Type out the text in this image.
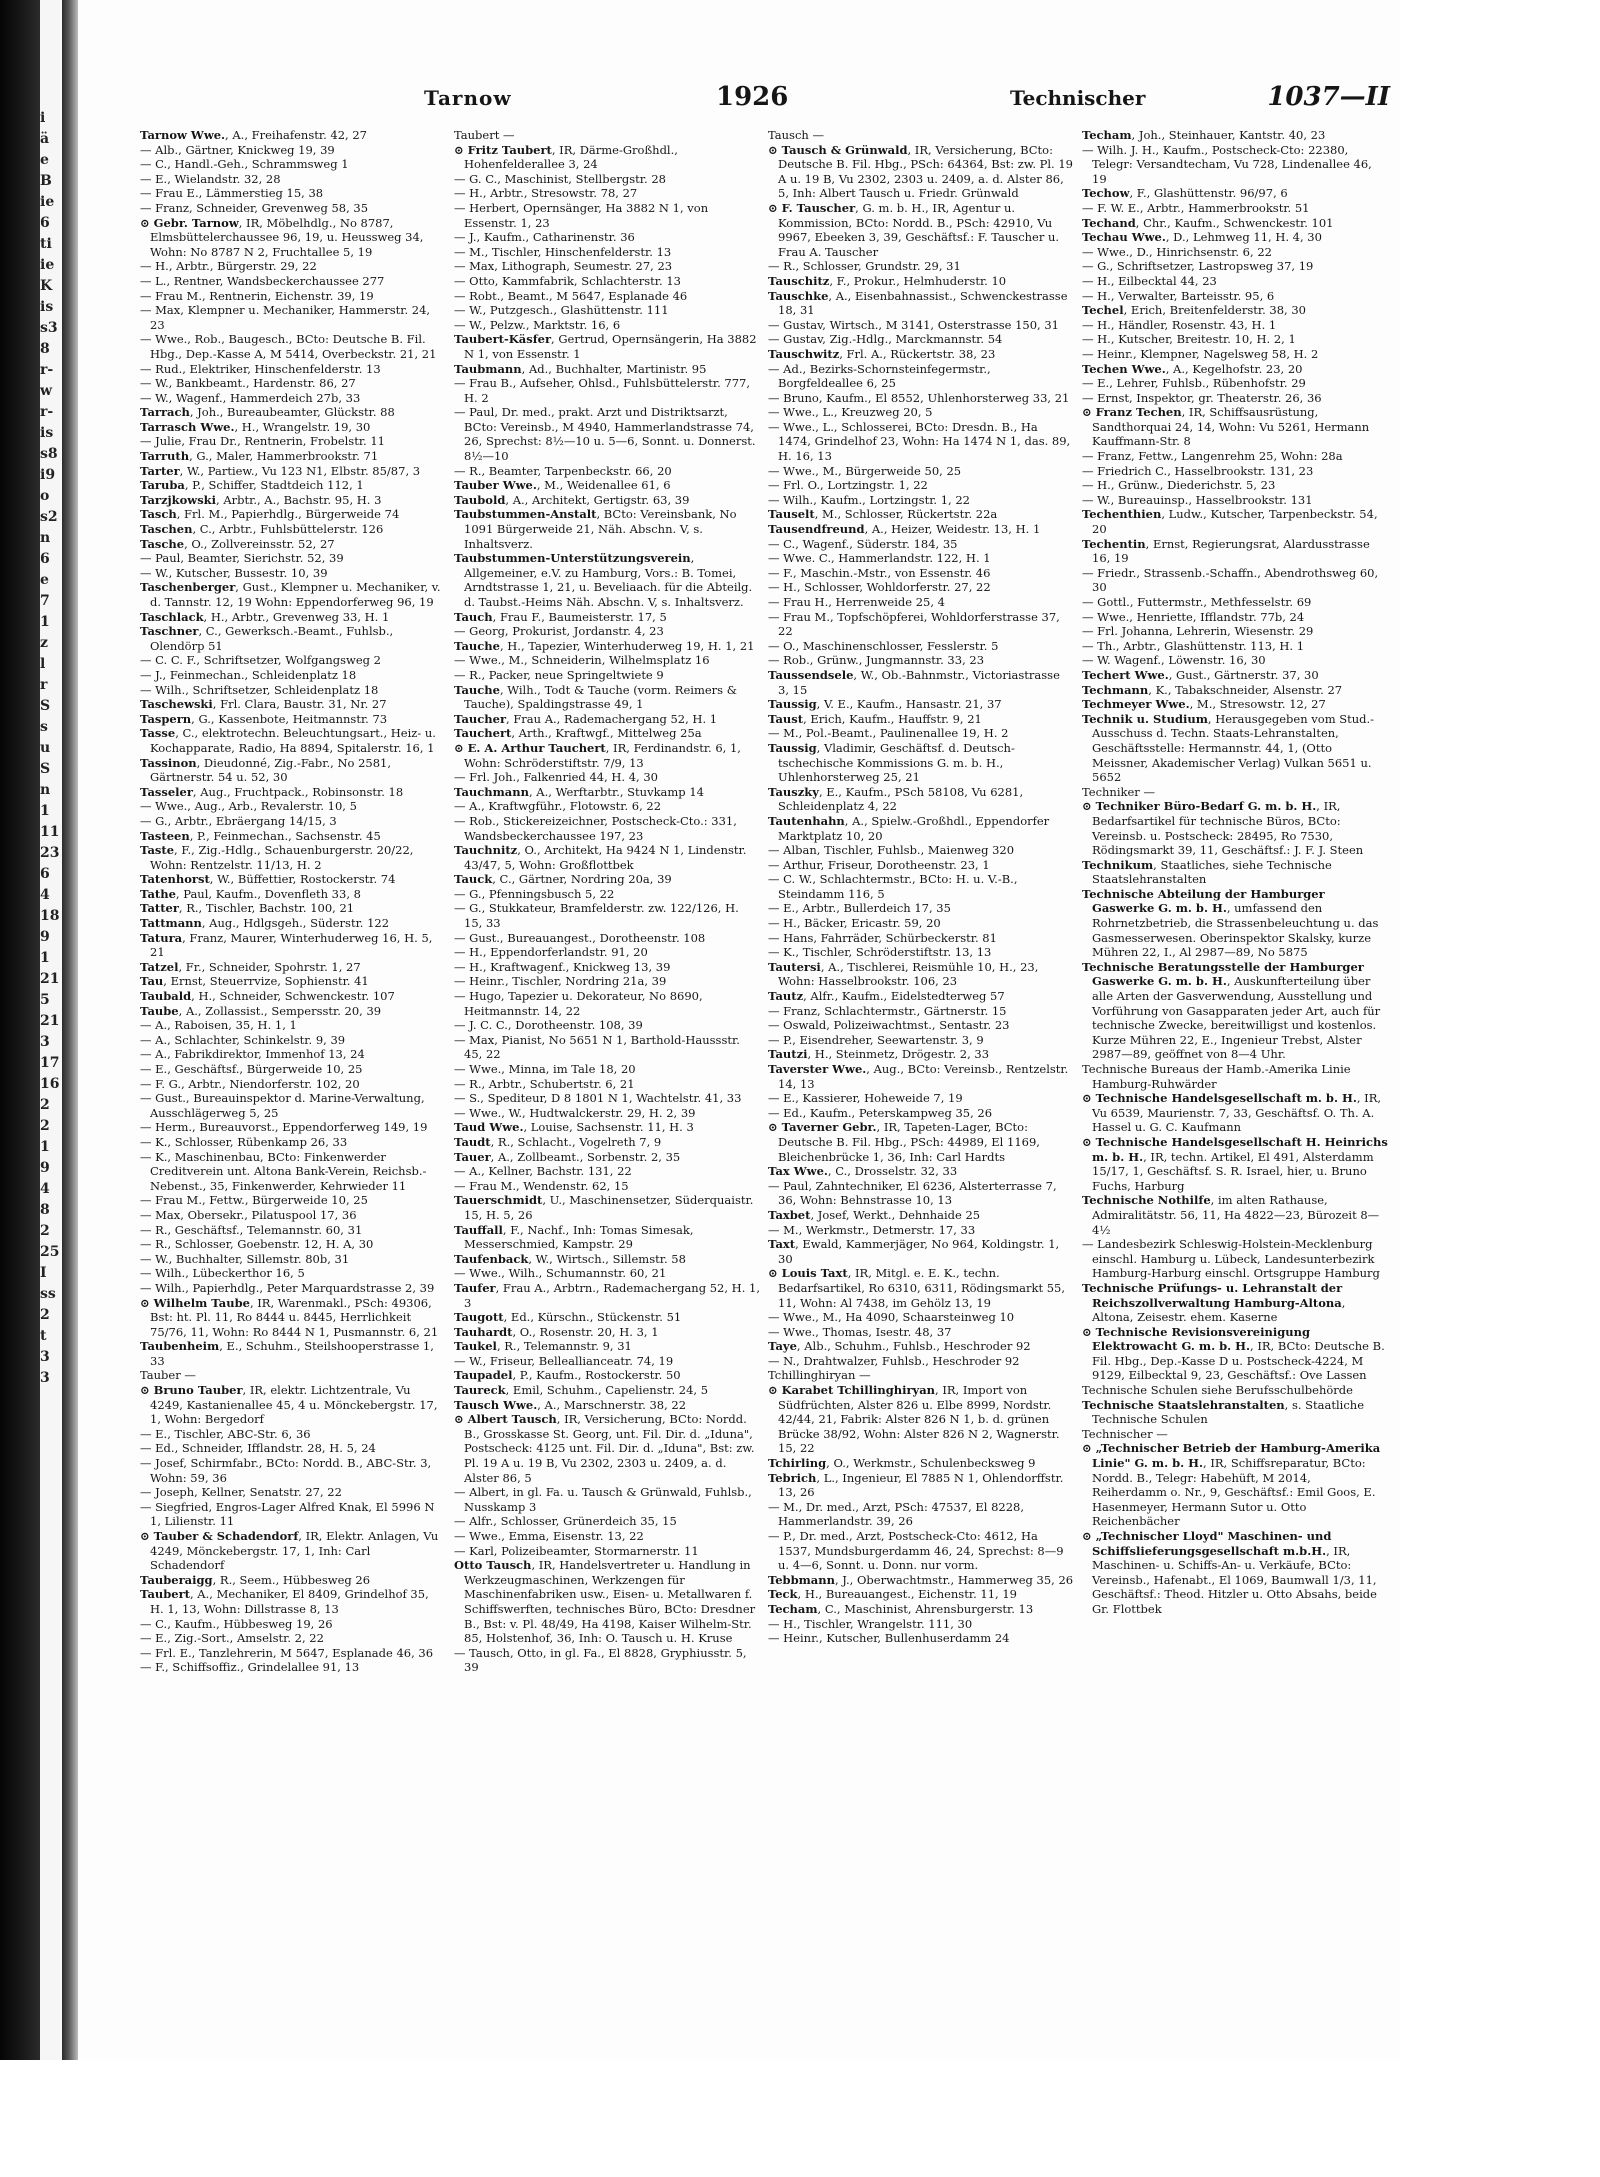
i
ä
e
B
ie
6
ti
ie
K
is
s3
8
r-
w
r-
is
s8
i9
o
s2
n
6
e
7
1
z
l
r
S
s
u
S
n
1
11
23
6
4
18
9
1
21
5
21
3
17
16
2
2
1
9
4
8
2
25
I
ss
2
t
3
3
Tarnow	1926	Technischer	1037—II

Tarnow Wwe., A., Freihafenstr. 42, 27

— Alb., Gärtner, Knickweg 19, 39

— C., Handl.-Geh., Schrammsweg 1

— E., Wielandstr. 32, 28

— Frau E., Lämmerstieg 15, 38

— Franz, Schneider, Grevenweg 58, 35

⊙ Gebr. Tarnow, IR, Möbelhdlg., No 8787, Elmsbüttelerchaussee 96, 19, u. Heussweg 34, Wohn: No 8787 N 2, Fruchtallee 5, 19

— H., Arbtr., Bürgerstr. 29, 22

— L., Rentner, Wandsbeckerchaussee 277

— Frau M., Rentnerin, Eichenstr. 39, 19

— Max, Klempner u. Mechaniker, Hammerstr. 24, 23

— Wwe., Rob., Baugesch., BCto: Deutsche B. Fil. Hbg., Dep.-Kasse A, M 5414, Overbeckstr. 21, 21

— Rud., Elektriker, Hinschenfelderstr. 13

— W., Bankbeamt., Hardenstr. 86, 27

— W., Wagenf., Hammerdeich 27b, 33

Tarrach, Joh., Bureaubeamter, Glückstr. 88

Tarrasch Wwe., H., Wrangelstr. 19, 30

— Julie, Frau Dr., Rentnerin, Frobelstr. 11

Tarruth, G., Maler, Hammerbrookstr. 71

Tarter, W., Partiew., Vu 123 N1, Elbstr. 85/87, 3

Taruba, P., Schiffer, Stadtdeich 112, 1

Tarzjkowski, Arbtr., A., Bachstr. 95, H. 3

Tasch, Frl. M., Papierhdlg., Bürgerweide 74

Taschen, C., Arbtr., Fuhlsbüttelerstr. 126

Tasche, O., Zollvereinsstr. 52, 27

— Paul, Beamter, Sierichstr. 52, 39

— W., Kutscher, Bussestr. 10, 39

Taschenberger, Gust., Klempner u. Mechaniker, v. d. Tannstr. 12, 19 Wohn: Eppendorferweg 96, 19

Taschlack, H., Arbtr., Grevenweg 33, H. 1

Taschner, C., Gewerksch.-Beamt., Fuhlsb., Olendörp 51

— C. C. F., Schriftsetzer, Wolfgangsweg 2

— J., Feinmechan., Schleidenplatz 18

— Wilh., Schriftsetzer, Schleidenplatz 18

Taschewski, Frl. Clara, Baustr. 31, Nr. 27

Taspern, G., Kassenbote, Heitmannstr. 73

Tasse, C., elektrotechn. Beleuchtungsart., Heiz- u. Kochapparate, Radio, Ha 8894, Spitalerstr. 16, 1

Tassinon, Dieudonné, Zig.-Fabr., No 2581, Gärtnerstr. 54 u. 52, 30

Tasseler, Aug., Fruchtpack., Robinsonstr. 18

— Wwe., Aug., Arb., Revalerstr. 10, 5

— G., Arbtr., Ebräergang 14/15, 3

Tasteen, P., Feinmechan., Sachsenstr. 45

Taste, F., Zig.-Hdlg., Schauenburgerstr. 20/22, Wohn: Rentzelstr. 11/13, H. 2

Tatenhorst, W., Büffettier, Rostockerstr. 74

Tathe, Paul, Kaufm., Dovenfleth 33, 8

Tatter, R., Tischler, Bachstr. 100, 21

Tattmann, Aug., Hdlgsgeh., Süderstr. 122

Tatura, Franz, Maurer, Winterhuderweg 16, H. 5, 21

Tatzel, Fr., Schneider, Spohrstr. 1, 27

Tau, Ernst, Steuerrvize, Sophienstr. 41

Taubald, H., Schneider, Schwenckestr. 107

Taube, A., Zollassist., Sempersstr. 20, 39

— A., Raboisen, 35, H. 1, 1

— A., Schlachter, Schinkelstr. 9, 39

— A., Fabrikdirektor, Immenhof 13, 24

— E., Geschäftsf., Bürgerweide 10, 25

— F. G., Arbtr., Niendorferstr. 102, 20

— Gust., Bureauinspektor d. Marine-Verwaltung, Ausschlägerweg 5, 25

— Herm., Bureauvorst., Eppendorferweg 149, 19

— K., Schlosser, Rübenkamp 26, 33

— K., Maschinenbau, BCto: Finkenwerder Creditverein unt. Altona Bank-Verein, Reichsb.-Nebenst., 35, Finkenwerder, Kehrwieder 11

— Frau M., Fettw., Bürgerweide 10, 25

— Max, Obersekr., Pilatuspool 17, 36

— R., Geschäftsf., Telemannstr. 60, 31

— R., Schlosser, Goebenstr. 12, H. A, 30

— W., Buchhalter, Sillemstr. 80b, 31

— Wilh., Lübeckerthor 16, 5

— Wilh., Papierhdlg., Peter Marquardstrasse 2, 39

⊙ Wilhelm Taube, IR, Warenmakl., PSch: 49306, Bst: ht. Pl. 11, Ro 8444 u. 8445, Herrlichkeit 75/76, 11, Wohn: Ro 8444 N 1, Pusmannstr. 6, 21

Taubenheim, E., Schuhm., Steilshooperstrasse 1, 33

Tauber —

⊙ Bruno Tauber, IR, elektr. Lichtzentrale, Vu 4249, Kastanienallee 45, 4 u. Mönckebergstr. 17, 1, Wohn: Bergedorf

— E., Tischler, ABC-Str. 6, 36

— Ed., Schneider, Ifflandstr. 28, H. 5, 24

— Josef, Schirmfabr., BCto: Nordd. B., ABC-Str. 3, Wohn: 59, 36

— Joseph, Kellner, Senatstr. 27, 22

— Siegfried, Engros-Lager Alfred Knak, El 5996 N 1, Lilienstr. 11

⊙ Tauber & Schadendorf, IR, Elektr. Anlagen, Vu 4249, Mönckebergstr. 17, 1, Inh: Carl Schadendorf

Tauberaigg, R., Seem., Hübbesweg 26

Taubert, A., Mechaniker, El 8409, Grindelhof 35, H. 1, 13, Wohn: Dillstrasse 8, 13

— C., Kaufm., Hübbesweg 19, 26

— E., Zig.-Sort., Amselstr. 2, 22

— Frl. E., Tanzlehrerin, M 5647, Esplanade 46, 36

— F., Schiffsoffiz., Grindelallee 91, 13

Taubert —

⊙ Fritz Taubert, IR, Därme-Großhdl., Hohenfelderallee 3, 24

— G. C., Maschinist, Stellbergstr. 28

— H., Arbtr., Stresowstr. 78, 27

— Herbert, Opernsänger, Ha 3882 N 1, von Essenstr. 1, 23

— J., Kaufm., Catharinenstr. 36

— M., Tischler, Hinschenfelderstr. 13

— Max, Lithograph, Seumestr. 27, 23

— Otto, Kammfabrik, Schlachterstr. 13

— Robt., Beamt., M 5647, Esplanade 46

— W., Putzgesch., Glashüttenstr. 111

— W., Pelzw., Marktstr. 16, 6

Taubert-Käsfer, Gertrud, Opernsängerin, Ha 3882 N 1, von Essenstr. 1

Taubmann, Ad., Buchhalter, Martinistr. 95

— Frau B., Aufseher, Ohlsd., Fuhlsbüttelerstr. 777, H. 2

— Paul, Dr. med., prakt. Arzt und Distriktsarzt, BCto: Vereinsb., M 4940, Hammerlandstrasse 74, 26, Sprechst: 8½—10 u. 5—6, Sonnt. u. Donnerst. 8½—10

— R., Beamter, Tarpenbeckstr. 66, 20

Tauber Wwe., M., Weidenallee 61, 6

Taubold, A., Architekt, Gertigstr. 63, 39

Taubstummen-Anstalt, BCto: Vereinsbank, No 1091 Bürgerweide 21, Näh. Abschn. V, s. Inhaltsverz.

Taubstummen-Unterstützungsverein, Allgemeiner, e.V. zu Hamburg, Vors.: B. Tomei, Arndtstrasse 1, 21, u. Beveliaach. für die Abteilg. d. Taubst.-Heims Näh. Abschn. V, s. Inhaltsverz.

Tauch, Frau F., Baumeisterstr. 17, 5

— Georg, Prokurist, Jordanstr. 4, 23

Tauche, H., Tapezier, Winterhuderweg 19, H. 1, 21

— Wwe., M., Schneiderin, Wilhelmsplatz 16

— R., Packer, neue Springeltwiete 9

Tauche, Wilh., Todt & Tauche (vorm. Reimers & Tauche), Spaldingstrasse 49, 1

Taucher, Frau A., Rademachergang 52, H. 1

Tauchert, Arth., Kraftwgf., Mittelweg 25a

⊙ E. A. Arthur Tauchert, IR, Ferdinandstr. 6, 1, Wohn: Schröderstiftstr. 7/9, 13

— Frl. Joh., Falkenried 44, H. 4, 30

Tauchmann, A., Werftarbtr., Stuvkamp 14

— A., Kraftwgführ., Flotowstr. 6, 22

— Rob., Stickereizeichner, Postscheck-Cto.: 331, Wandsbeckerchaussee 197, 23

Tauchnitz, O., Architekt, Ha 9424 N 1, Lindenstr. 43/47, 5, Wohn: Großflottbek

Tauck, C., Gärtner, Nordring 20a, 39

— G., Pfenningsbusch 5, 22

— G., Stukkateur, Bramfelderstr. zw. 122/126, H. 15, 33

— Gust., Bureauangest., Dorotheenstr. 108

— H., Eppendorferlandstr. 91, 20

— H., Kraftwagenf., Knickweg 13, 39

— Heinr., Tischler, Nordring 21a, 39

— Hugo, Tapezier u. Dekorateur, No 8690, Heitmannstr. 14, 22

— J. C. C., Dorotheenstr. 108, 39

— Max, Pianist, No 5651 N 1, Barthold-Haussstr. 45, 22

— Wwe., Minna, im Tale 18, 20

— R., Arbtr., Schubertstr. 6, 21

— S., Spediteur, D 8 1801 N 1, Wachtelstr. 41, 33

— Wwe., W., Hudtwalckerstr. 29, H. 2, 39

Taud Wwe., Louise, Sachsenstr. 11, H. 3

Taudt, R., Schlacht., Vogelreth 7, 9

Tauer, A., Zollbeamt., Sorbenstr. 2, 35

— A., Kellner, Bachstr. 131, 22

— Frau M., Wendenstr. 62, 15

Tauerschmidt, U., Maschinensetzer, Süderquaistr. 15, H. 5, 26

Tauffall, F., Nachf., Inh: Tomas Simesak, Messerschmied, Kampstr. 29

Taufenback, W., Wirtsch., Sillemstr. 58

— Wwe., Wilh., Schumannstr. 60, 21

Taufer, Frau A., Arbtrn., Rademachergang 52, H. 1, 3

Taugott, Ed., Kürschn., Stückenstr. 51

Tauhardt, O., Rosenstr. 20, H. 3, 1

Taukel, R., Telemannstr. 9, 31

— W., Friseur, Belleallianceatr. 74, 19

Taupadel, P., Kaufm., Rostockerstr. 50

Taureck, Emil, Schuhm., Capelienstr. 24, 5

Tausch Wwe., A., Marschnerstr. 38, 22

⊙ Albert Tausch, IR, Versicherung, BCto: Nordd. B., Grosskasse St. Georg, unt. Fil. Dir. d. „Iduna", Postscheck: 4125 unt. Fil. Dir. d. „Iduna", Bst: zw. Pl. 19 A u. 19 B, Vu 2302, 2303 u. 2409, a. d. Alster 86, 5

— Albert, in gl. Fa. u. Tausch & Grünwald, Fuhlsb., Nusskamp 3

— Alfr., Schlosser, Grünerdeich 35, 15

— Wwe., Emma, Eisenstr. 13, 22

— Karl, Polizeibeamter, Stormarnerstr. 11

Otto Tausch, IR, Handelsvertreter u. Handlung in Werkzeugmaschinen, Werkzengen für Maschinenfabriken usw., Eisen- u. Metallwaren f. Schiffswerften, technisches Büro, BCto: Dresdner B., Bst: v. Pl. 48/49, Ha 4198, Kaiser Wilhelm-Str. 85, Holstenhof, 36, Inh: O. Tausch u. H. Kruse

— Tausch, Otto, in gl. Fa., El 8828, Gryphiusstr. 5, 39

Tausch —

⊙ Tausch & Grünwald, IR, Versicherung, BCto: Deutsche B. Fil. Hbg., PSch: 64364, Bst: zw. Pl. 19 A u. 19 B, Vu 2302, 2303 u. 2409, a. d. Alster 86, 5, Inh: Albert Tausch u. Friedr. Grünwald

⊙ F. Tauscher, G. m. b. H., IR, Agentur u. Kommission, BCto: Nordd. B., PSch: 42910, Vu 9967, Ebeeken 3, 39, Geschäftsf.: F. Tauscher u. Frau A. Tauscher

— R., Schlosser, Grundstr. 29, 31

Tauschitz, F., Prokur., Helmhuderstr. 10

Tauschke, A., Eisenbahnassist., Schwenckestrasse 18, 31

— Gustav, Wirtsch., M 3141, Osterstrasse 150, 31

— Gustav, Zig.-Hdlg., Marckmannstr. 54

Tauschwitz, Frl. A., Rückertstr. 38, 23

— Ad., Bezirks-Schornsteinfegermstr., Borgfeldeallee 6, 25

— Bruno, Kaufm., El 8552, Uhlenhorsterweg 33, 21

— Wwe., L., Kreuzweg 20, 5

— Wwe., L., Schlosserei, BCto: Dresdn. B., Ha 1474, Grindelhof 23, Wohn: Ha 1474 N 1, das. 89, H. 16, 13

— Wwe., M., Bürgerweide 50, 25

— Frl. O., Lortzingstr. 1, 22

— Wilh., Kaufm., Lortzingstr. 1, 22

Tauselt, M., Schlosser, Rückertstr. 22a

Tausendfreund, A., Heizer, Weidestr. 13, H. 1

— C., Wagenf., Süderstr. 184, 35

— Wwe. C., Hammerlandstr. 122, H. 1

— F., Maschin.-Mstr., von Essenstr. 46

— H., Schlosser, Wohldorferstr. 27, 22

— Frau H., Herrenweide 25, 4

— Frau M., Topfschöpferei, Wohldorferstrasse 37, 22

— O., Maschinenschlosser, Fesslerstr. 5

— Rob., Grünw., Jungmannstr. 33, 23

Taussendsele, W., Ob.-Bahnmstr., Victoriastrasse 3, 15

Taussig, V. E., Kaufm., Hansastr. 21, 37

Taust, Erich, Kaufm., Hauffstr. 9, 21

— M., Pol.-Beamt., Paulinenallee 19, H. 2

Taussig, Vladimir, Geschäftsf. d. Deutsch-tschechische Kommissions G. m. b. H., Uhlenhorsterweg 25, 21

Tauszky, E., Kaufm., PSch 58108, Vu 6281, Schleidenplatz 4, 22

Tautenhahn, A., Spielw.-Großhdl., Eppendorfer Marktplatz 10, 20

— Alban, Tischler, Fuhlsb., Maienweg 320

— Arthur, Friseur, Dorotheenstr. 23, 1

— C. W., Schlachtermstr., BCto: H. u. V.-B., Steindamm 116, 5

— E., Arbtr., Bullerdeich 17, 35

— H., Bäcker, Ericastr. 59, 20

— Hans, Fahrräder, Schürbeckerstr. 81

— K., Tischler, Schröderstiftstr. 13, 13

Tautersi, A., Tischlerei, Reismühle 10, H., 23, Wohn: Hasselbrookstr. 106, 23

Tautz, Alfr., Kaufm., Eidelstedterweg 57

— Franz, Schlachtermstr., Gärtnerstr. 15

— Oswald, Polizeiwachtmst., Sentastr. 23

— P., Eisendreher, Seewartenstr. 3, 9

Tautzi, H., Steinmetz, Drögestr. 2, 33

Taverster Wwe., Aug., BCto: Vereinsb., Rentzelstr. 14, 13

— E., Kassierer, Hoheweide 7, 19

— Ed., Kaufm., Peterskampweg 35, 26

⊙ Taverner Gebr., IR, Tapeten-Lager, BCto: Deutsche B. Fil. Hbg., PSch: 44989, El 1169, Bleichenbrücke 1, 36, Inh: Carl Hardts

Tax Wwe., C., Drosselstr. 32, 33

— Paul, Zahntechniker, El 6236, Alsterterrasse 7, 36, Wohn: Behnstrasse 10, 13

Taxbet, Josef, Werkt., Dehnhaide 25

— M., Werkmstr., Detmerstr. 17, 33

Taxt, Ewald, Kammerjäger, No 964, Koldingstr. 1, 30

⊙ Louis Taxt, IR, Mitgl. e. E. K., techn. Bedarfsartikel, Ro 6310, 6311, Rödingsmarkt 55, 11, Wohn: Al 7438, im Gehölz 13, 19

— Wwe., M., Ha 4090, Schaarsteinweg 10

— Wwe., Thomas, Isestr. 48, 37

Taye, Alb., Schuhm., Fuhlsb., Heschroder 92

— N., Drahtwalzer, Fuhlsb., Heschroder 92

Tchillinghiryan —

⊙ Karabet Tchillinghiryan, IR, Import von Südfrüchten, Alster 826 u. Elbe 8999, Nordstr. 42/44, 21, Fabrik: Alster 826 N 1, b. d. grünen Brücke 38/92, Wohn: Alster 826 N 2, Wagnerstr. 15, 22

Tchirling, O., Werkmstr., Schulenbecksweg 9

Tebrich, L., Ingenieur, El 7885 N 1, Ohlendorffstr. 13, 26

— M., Dr. med., Arzt, PSch: 47537, El 8228, Hammerlandstr. 39, 26

— P., Dr. med., Arzt, Postscheck-Cto: 4612, Ha 1537, Mundsburgerdamm 46, 24, Sprechst: 8—9 u. 4—6, Sonnt. u. Donn. nur vorm.

Tebbmann, J., Oberwachtmstr., Hammerweg 35, 26

Teck, H., Bureauangest., Eichenstr. 11, 19

Techam, C., Maschinist, Ahrensburgerstr. 13

— H., Tischler, Wrangelstr. 111, 30

— Heinr., Kutscher, Bullenhuserdamm 24

Techam, Joh., Steinhauer, Kantstr. 40, 23

— Wilh. J. H., Kaufm., Postscheck-Cto: 22380, Telegr: Versandtecham, Vu 728, Lindenallee 46, 19

Techow, F., Glashüttenstr. 96/97, 6

— F. W. E., Arbtr., Hammerbrookstr. 51

Techand, Chr., Kaufm., Schwenckestr. 101

Techau Wwe., D., Lehmweg 11, H. 4, 30

— Wwe., D., Hinrichsenstr. 6, 22

— G., Schriftsetzer, Lastropsweg 37, 19

— H., Eilbecktal 44, 23

— H., Verwalter, Barteisstr. 95, 6

Techel, Erich, Breitenfelderstr. 38, 30

— H., Händler, Rosenstr. 43, H. 1

— H., Kutscher, Breitestr. 10, H. 2, 1

— Heinr., Klempner, Nagelsweg 58, H. 2

Techen Wwe., A., Kegelhofstr. 23, 20

— E., Lehrer, Fuhlsb., Rübenhofstr. 29

— Ernst, Inspektor, gr. Theaterstr. 26, 36

⊙ Franz Techen, IR, Schiffsausrüstung, Sandthorquai 24, 14, Wohn: Vu 5261, Hermann Kauffmann-Str. 8

— Franz, Fettw., Langenrehm 25, Wohn: 28a

— Friedrich C., Hasselbrookstr. 131, 23

— H., Grünw., Diederichstr. 5, 23

— W., Bureauinsp., Hasselbrookstr. 131

Techenthien, Ludw., Kutscher, Tarpenbeckstr. 54, 20

Techentin, Ernst, Regierungsrat, Alardusstrasse 16, 19

— Friedr., Strassenb.-Schaffn., Abendrothsweg 60, 30

— Gottl., Futtermstr., Methfesselstr. 69

— Wwe., Henriette, Ifflandstr. 77b, 24

— Frl. Johanna, Lehrerin, Wiesenstr. 29

— Th., Arbtr., Glashüttenstr. 113, H. 1

— W. Wagenf., Löwenstr. 16, 30

Techert Wwe., Gust., Gärtnerstr. 37, 30

Techmann, K., Tabakschneider, Alsenstr. 27

Techmeyer Wwe., M., Stresowstr. 12, 27

Technik u. Studium, Herausgegeben vom Stud.-Ausschuss d. Techn. Staats-Lehranstalten, Geschäftsstelle: Hermannstr. 44, 1, (Otto Meissner, Akademischer Verlag) Vulkan 5651 u. 5652

Techniker —

⊙ Techniker Büro-Bedarf G. m. b. H., IR, Bedarfsartikel für technische Büros, BCto: Vereinsb. u. Postscheck: 28495, Ro 7530, Rödingsmarkt 39, 11, Geschäftsf.: J. F. J. Steen

Technikum, Staatliches, siehe Technische Staatslehranstalten

Technische Abteilung der Hamburger Gaswerke G. m. b. H., umfassend den Rohrnetzbetrieb, die Strassenbeleuchtung u. das Gasmesserwesen. Oberinspektor Skalsky, kurze Mühren 22, I., Al 2987—89, No 5875

Technische Beratungsstelle der Hamburger Gaswerke G. m. b. H., Auskunfterteilung über alle Arten der Gasverwendung, Ausstellung und Vorführung von Gasapparaten jeder Art, auch für technische Zwecke, bereitwilligst und kostenlos. Kurze Mühren 22, E., Ingenieur Trebst, Alster 2987—89, geöffnet von 8—4 Uhr.

Technische Bureaus der Hamb.-Amerika Linie Hamburg-Ruhwärder

⊙ Technische Handelsgesellschaft m. b. H., IR, Vu 6539, Maurienstr. 7, 33, Geschäftsf. O. Th. A. Hassel u. G. C. Kaufmann

⊙ Technische Handelsgesellschaft H. Heinrichs m. b. H., IR, techn. Artikel, El 491, Alsterdamm 15/17, 1, Geschäftsf. S. R. Israel, hier, u. Bruno Fuchs, Harburg

Technische Nothilfe, im alten Rathause, Admiralitätstr. 56, 11, Ha 4822—23, Bürozeit 8—4½

— Landesbezirk Schleswig-Holstein-Mecklenburg einschl. Hamburg u. Lübeck, Landesunterbezirk Hamburg-Harburg einschl. Ortsgruppe Hamburg

Technische Prüfungs- u. Lehranstalt der Reichszollverwaltung Hamburg-Altona, Altona, Zeisestr. ehem. Kaserne

⊙ Technische Revisionsvereinigung Elektrowacht G. m. b. H., IR, BCto: Deutsche B. Fil. Hbg., Dep.-Kasse D u. Postscheck-4224, M 9129, Eilbecktal 9, 23, Geschäftsf.: Ove Lassen

Technische Schulen siehe Berufsschulbehörde

Technische Staatslehranstalten, s. Staatliche Technische Schulen

Technischer —

⊙ „Technischer Betrieb der Hamburg-Amerika Linie" G. m. b. H., IR, Schiffsreparatur, BCto: Nordd. B., Telegr: Habehüft, M 2014, Reiherdamm o. Nr., 9, Geschäftsf.: Emil Goos, E. Hasenmeyer, Hermann Sutor u. Otto Reichenbächer

⊙ „Technischer Lloyd" Maschinen- und Schiffslieferungsgesellschaft m.b.H., IR, Maschinen- u. Schiffs-An- u. Verkäufe, BCto: Vereinsb., Hafenabt., El 1069, Baumwall 1/3, 11, Geschäftsf.: Theod. Hitzler u. Otto Absahs, beide Gr. Flottbek
